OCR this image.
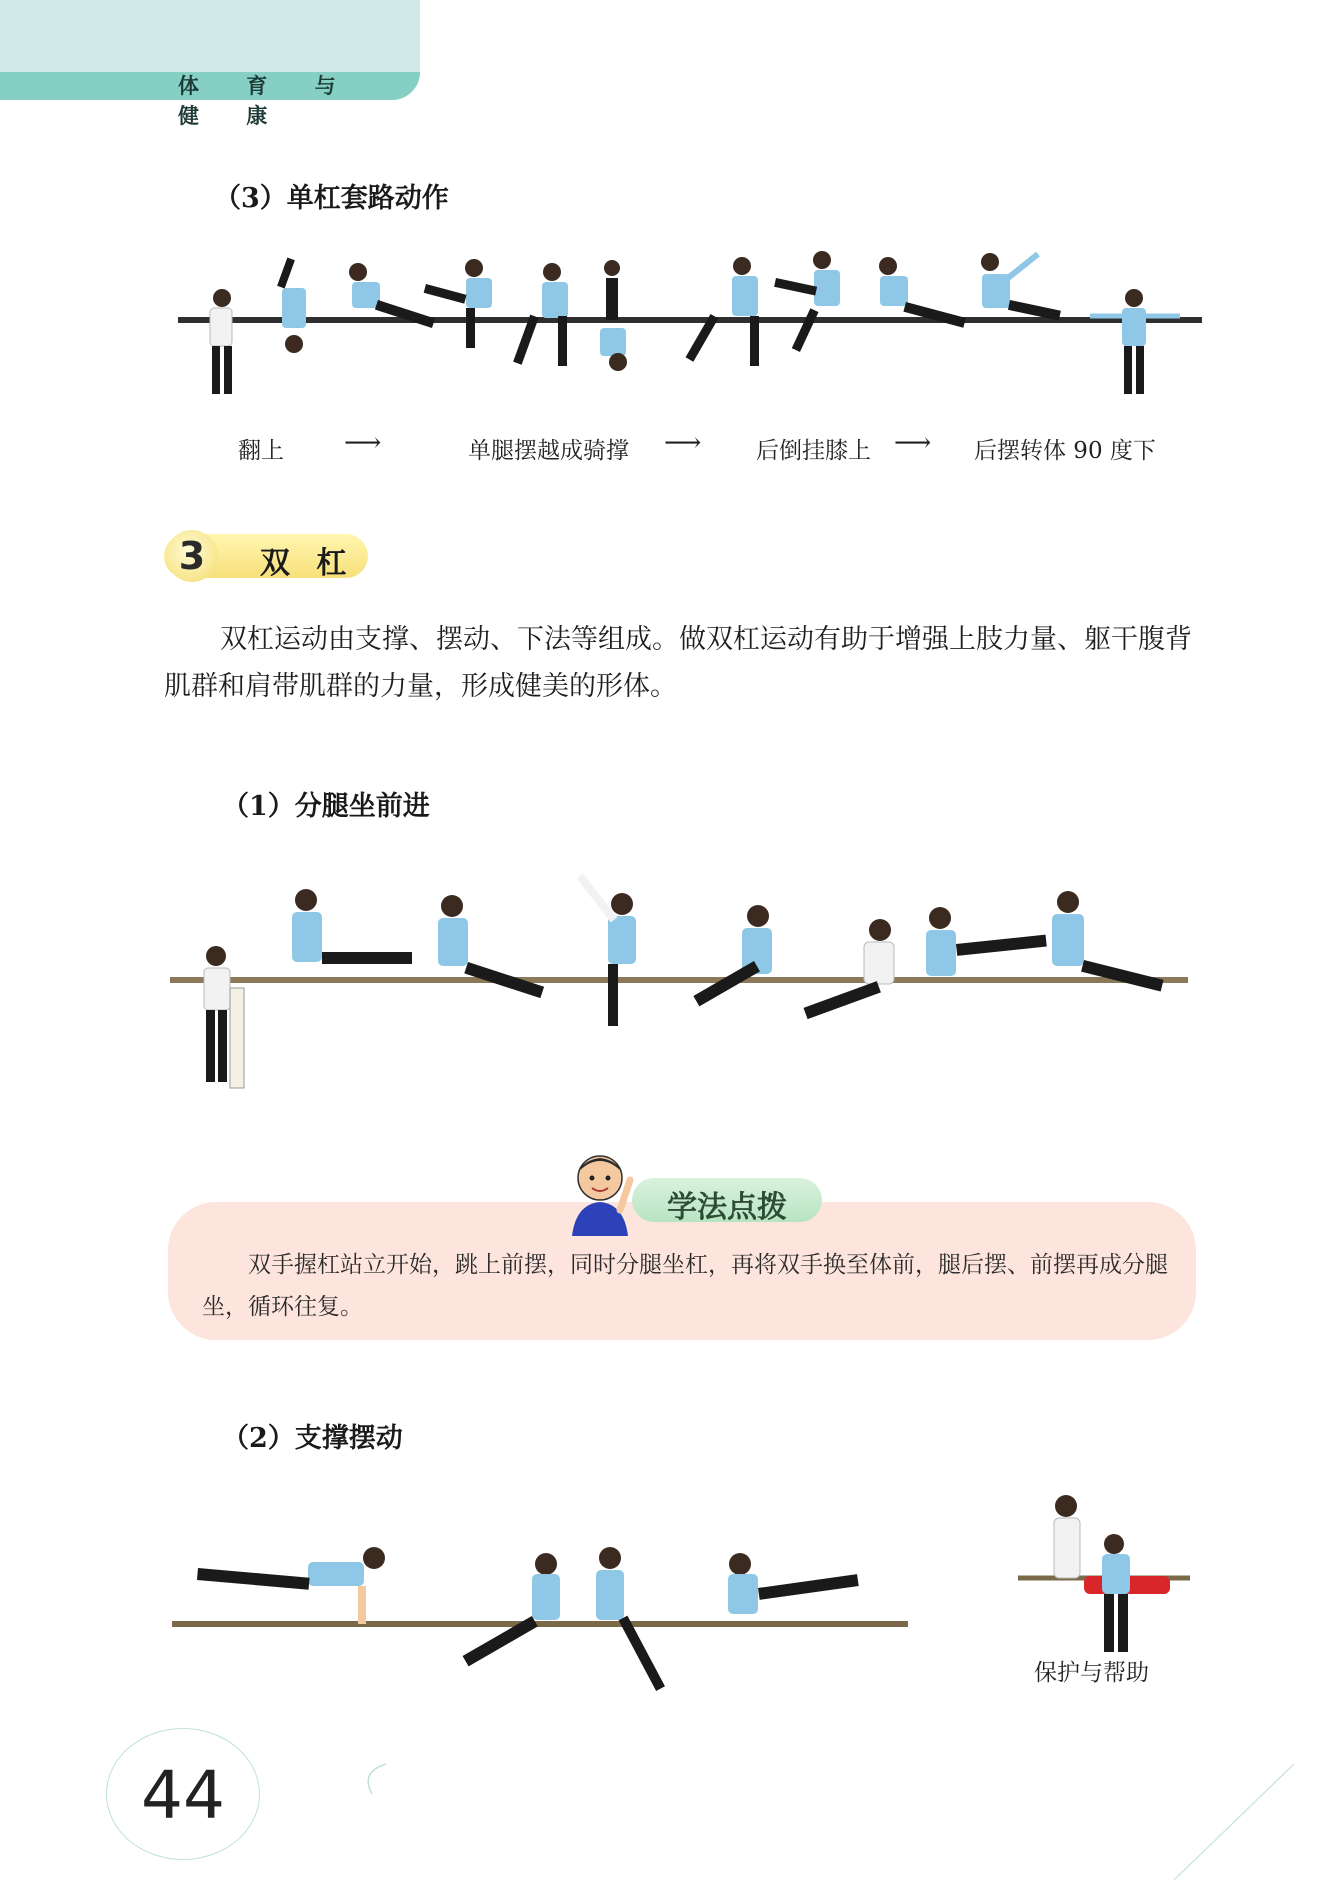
体 育 与 健 康
（3）单杠套路动作
翻上 ⟶	单腿摆越成骑撑 ⟶ 后倒挂膝上 ⟶ 后摆转体 90 度下
3	双 杠
双杠运动由支撑、摆动、下法等组成。做双杠运动有助于增强上肢力量、躯干腹背肌群和肩带肌群的力量，形成健美的形体。
（1）分腿坐前进
双手握杠站立开始，跳上前摆，同时分腿坐杠，再将双手换至体前，腿后摆、前摆再成分腿坐，循环往复。
学法点拨
（2）支撑摆动
保护与帮助
44
